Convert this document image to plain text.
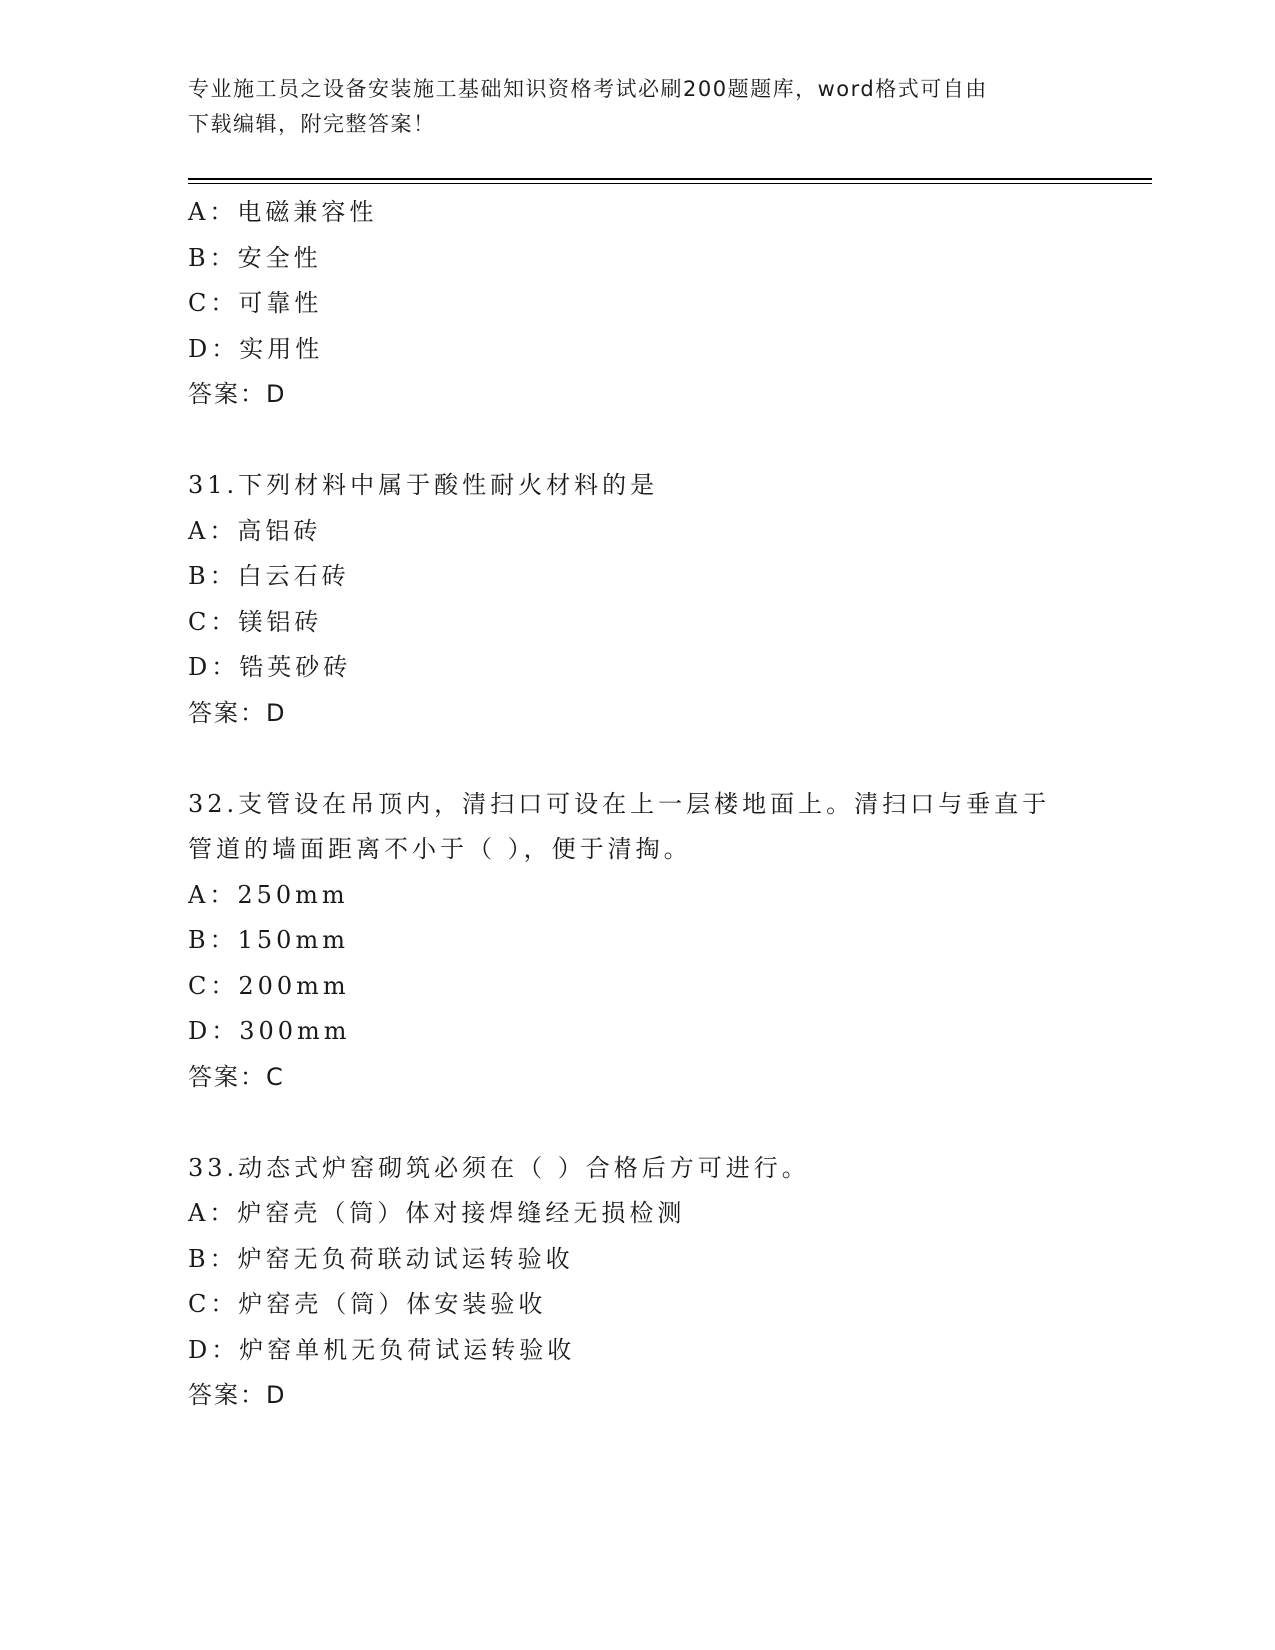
专业施工员之设备安装施工基础知识资格考试必刷200题题库，word格式可自由
下载编辑，附完整答案！
A：电磁兼容性
B：安全性
C：可靠性
D：实用性
答案：D
31.下列材料中属于酸性耐火材料的是
A：高铝砖
B：白云石砖
C：镁铝砖
D：锆英砂砖
答案：D
32.支管设在吊顶内，清扫口可设在上一层楼地面上。清扫口与垂直于
管道的墙面距离不小于（ ），便于清掏。
A：250mm
B：150mm
C：200mm
D：300mm
答案：C
33.动态式炉窑砌筑必须在（ ）合格后方可进行。
A：炉窑壳（筒）体对接焊缝经无损检测
B：炉窑无负荷联动试运转验收
C：炉窑壳（筒）体安装验收
D：炉窑单机无负荷试运转验收
答案：D
